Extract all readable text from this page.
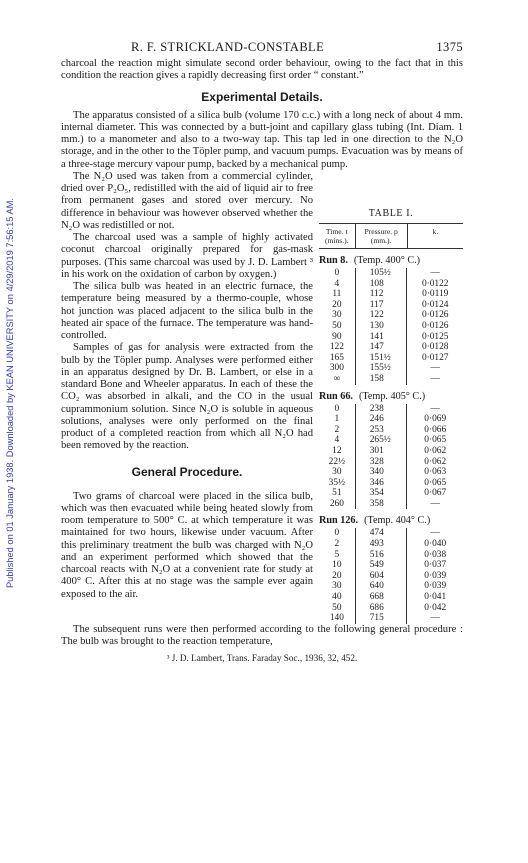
Published on 01 January 1938. Downloaded by KEAN UNIVERSITY on 4/29/2019 7:56:15 AM.
R. F. STRICKLAND-CONSTABLE	1375

charcoal the reaction might simulate second order behaviour, owing to the fact that in this condition the reaction gives a rapidly decreasing first order “ constant.”

Experimental Details.

The apparatus consisted of a silica bulb (volume 170 c.c.) with a long neck of about 4 mm. internal diameter. This was connected by a butt-joint and capillary glass tubing (Int. Diam. 1 mm.) to a manometer and also to a two-way tap. This tap led in one direction to the N₂O storage, and in the other to the Töpler pump, and vacuum pumps. Evacuation was by means of a three-stage mercury vapour pump, backed by a mechanical pump.

The N₂O used was taken from a commercial cylinder, dried over P₂O₅, redistilled with the aid of liquid air to free from permanent gases and stored over mercury. No difference in behaviour was however observed whether the N₂O was redistilled or not.

The charcoal used was a sample of highly activated coconut charcoal originally prepared for gas-mask purposes. (This same charcoal was used by J. D. Lambert ³ in his work on the oxidation of carbon by oxygen.)

The silica bulb was heated in an electric furnace, the temperature being measured by a thermo-couple, whose hot junction was placed adjacent to the silica bulb in the heated air space of the furnace. The temperature was hand-controlled.

Samples of gas for analysis were extracted from the bulb by the Töpler pump. Analyses were performed either in an apparatus designed by Dr. B. Lambert, or else in a standard Bone and Wheeler apparatus. In each of these the CO₂ was absorbed in alkali, and the CO in the usual cuprammonium solution. Since N₂O is soluble in aqueous solutions, analyses were only performed on the final product of a completed reaction from which all N₂O had been removed by the reaction.

General Procedure.

Two grams of charcoal were placed in the silica bulb, which was then evacuated while being heated slowly from room temperature to 500° C. at which temperature it was maintained for two hours, likewise under vacuum. After this preliminary treatment the bulb was charged with N₂O and an experiment performed which showed that the charcoal reacts with N₂O at a convenient rate for study at 400° C. After this at no stage was the sample ever again exposed to the air.

TABLE I.
Time. t (mins.).
Pressure. p (mm.).
k.
Run 8. (Temp. 400° C.)
0
4
11
20
30
50
90
122
165
300
∞
105½
108
112
117
122
130
141
147
151½
155½
158
—
0·0122
0·0119
0·0124
0·0126
0·0126
0·0125
0·0128
0·0127
—
—
Run 66. (Temp. 405° C.)
0
1
2
4
12
22½
30
35½
51
260
238
246
253
265½
301
328
340
346
354
358
—
0·069
0·066
0·065
0·062
0·062
0·063
0·065
0·067
—
Run 126. (Temp. 404° C.)
0
2
5
10
20
30
40
50
140
474
493
516
549
604
640
668
686
715
—
0·040
0·038
0·037
0·039
0·039
0·041
0·042
—

The subsequent runs were then performed according to the following general procedure : The bulb was brought to the reaction temperature,

³ J. D. Lambert, Trans. Faraday Soc., 1936, 32, 452.
